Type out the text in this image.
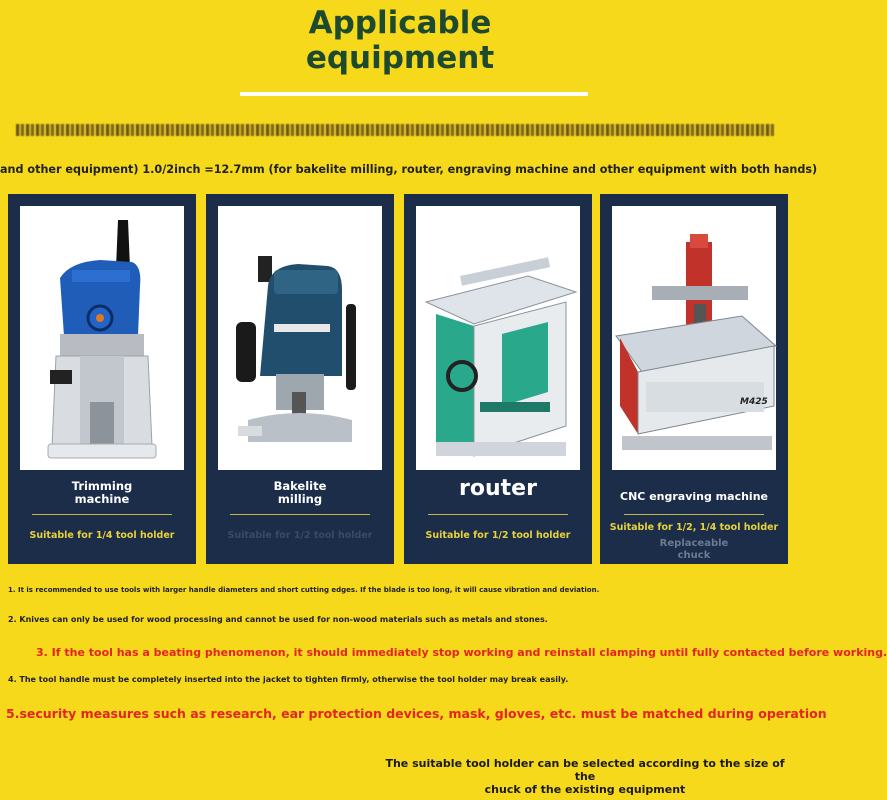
Applicable
equipment
and other equipment) 1.0/2inch =12.7mm (for bakelite milling, router, engraving machine and other equipment with both hands)
Trimming
machine
Suitable for 1/4 tool holder
Bakelite
milling
Suitable for 1/2 tool holder
router
Suitable for 1/2 tool holder
M425
CNC engraving machine
Suitable for 1/2, 1/4 tool holder
Replaceable
chuck
1. It is recommended to use tools with larger handle diameters and short cutting edges. If the blade is too long, it will cause vibration and deviation.
2. Knives can only be used for wood processing and cannot be used for non-wood materials such as metals and stones.
3. If the tool has a beating phenomenon, it should immediately stop working and reinstall clamping until fully contacted before working.
4. The tool handle must be completely inserted into the jacket to tighten firmly, otherwise the tool holder may break easily.
5.security measures such as research, ear protection devices, mask, gloves, etc. must be matched during operation
The suitable tool holder can be selected according to the size of the
chuck of the existing equipment
